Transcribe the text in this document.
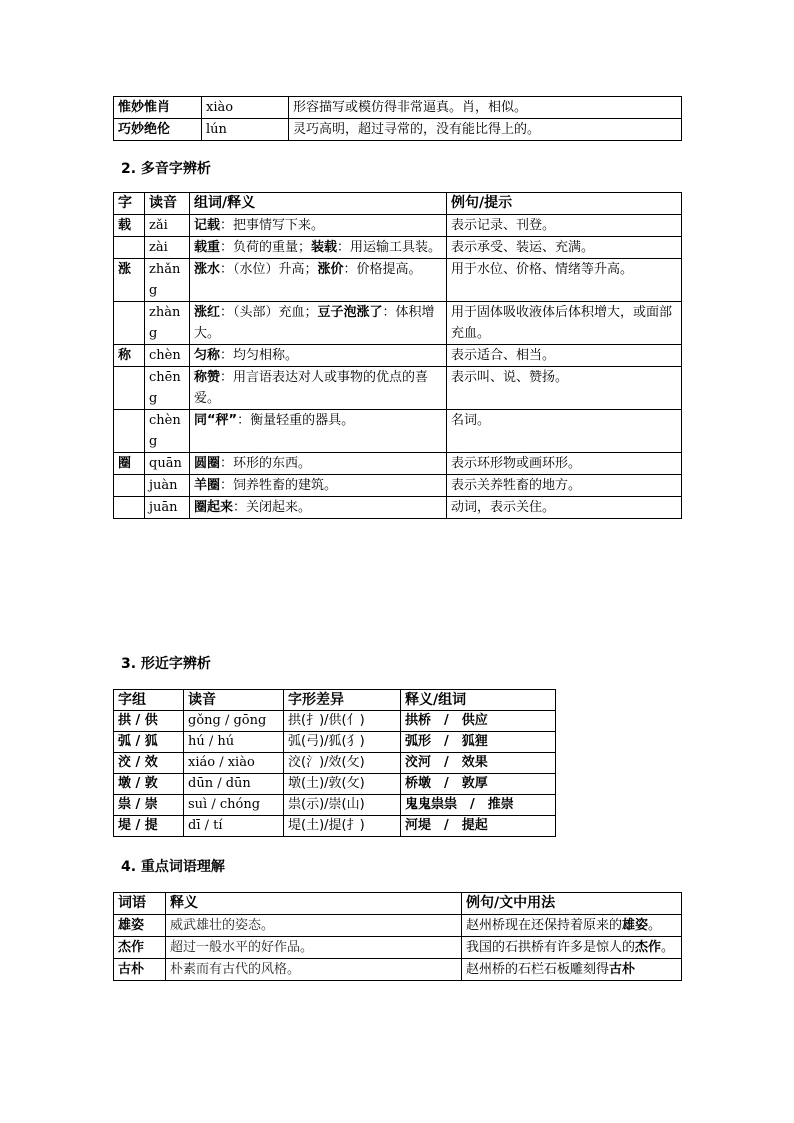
惟妙惟肖	xiào	形容描写或模仿得非常逼真。肖，相似。
巧妙绝伦	lún	灵巧高明，超过寻常的，没有能比得上的。

2. 多音字辨析

字	读音	组词/释义	例句/提示
载	zǎi	记载：把事情写下来。	表示记录、刊登。
	zài	载重：负荷的重量；装载：用运输工具装。	表示承受、装运、充满。
涨	zhǎng	涨水：（水位）升高；涨价：价格提高。	用于水位、价格、情绪等升高。
	zhàng	涨红：（头部）充血；豆子泡涨了：体积增大。	用于固体吸收液体后体积增大，或面部充血。
称	chèn	匀称：均匀相称。	表示适合、相当。
	chēng	称赞：用言语表达对人或事物的优点的喜爱。	表示叫、说、赞扬。
	chèng	同“秤”：衡量轻重的器具。	名词。
圈	quān	圆圈：环形的东西。	表示环形物或画环形。
	juàn	羊圈：饲养牲畜的建筑。	表示关养牲畜的地方。
	juān	圈起来：关闭起来。	动词，表示关住。

3. 形近字辨析

字组	读音	字形差异	释义/组词
拱 / 供	gǒng / gōng	拱(扌)/供(亻)	拱桥　/　供应
弧 / 狐	hú / hú	弧(弓)/狐(犭)	弧形　/　狐狸
洨 / 效	xiáo / xiào	洨(氵)/效(攵)	洨河　/　效果
墩 / 敦	dūn / dūn	墩(土)/敦(攵)	桥墩　/　敦厚
祟 / 崇	suì / chóng	祟(示)/崇(山)	鬼鬼祟祟　/　推崇
堤 / 提	dī / tí	堤(土)/提(扌)	河堤　/　提起

4. 重点词语理解

词语	释义	例句/文中用法
雄姿	威武雄壮的姿态。	赵州桥现在还保持着原来的雄姿。
杰作	超过一般水平的好作品。	我国的石拱桥有许多是惊人的杰作。
古朴	朴素而有古代的风格。	赵州桥的石栏石板雕刻得古朴
